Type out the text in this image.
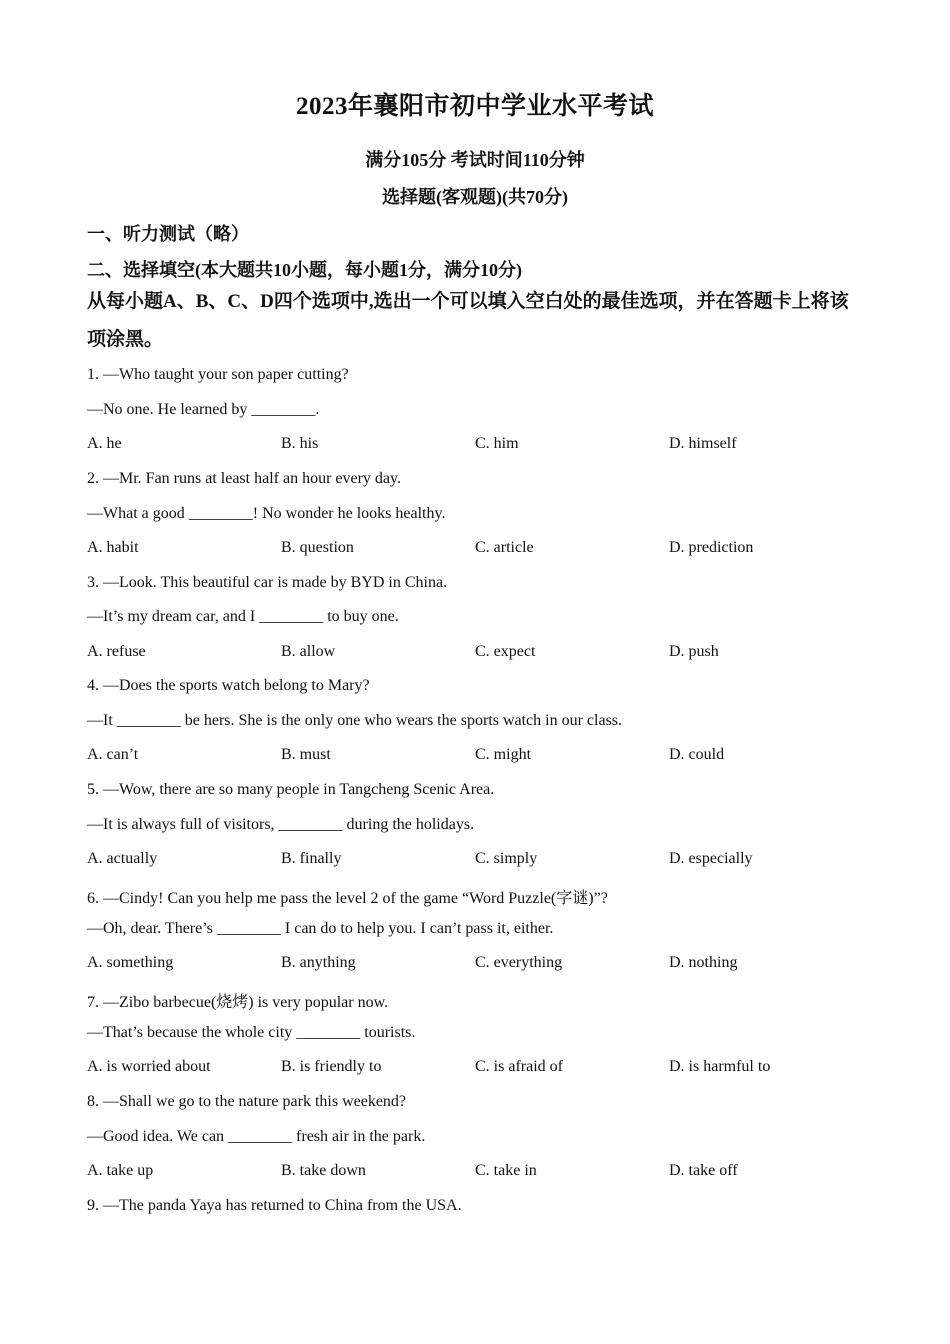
2023年襄阳市初中学业水平考试
满分105分 考试时间110分钟
选择题(客观题)(共70分)
一、听力测试（略）
二、选择填空(本大题共10小题，每小题1分，满分10分)
从每小题A、B、C、D四个选项中,选出一个可以填入空白处的最佳选项，并在答题卡上将该
项涂黑。
1. —Who taught your son paper cutting?
—No one. He learned by ________.
A. he	B. his	C. him	D. himself
2. —Mr. Fan runs at least half an hour every day.
—What a good ________! No wonder he looks healthy.
A. habit	B. question	C. article	D. prediction
3. —Look. This beautiful car is made by BYD in China.
—It’s my dream car, and I ________ to buy one.
A. refuse	B. allow	C. expect	D. push
4. —Does the sports watch belong to Mary?
—It ________ be hers. She is the only one who wears the sports watch in our class.
A. can’t	B. must	C. might	D. could
5. —Wow, there are so many people in Tangcheng Scenic Area.
—It is always full of visitors, ________ during the holidays.
A. actually	B. finally	C. simply	D. especially
6. —Cindy! Can you help me pass the level 2 of the game “Word Puzzle(字谜)”?
—Oh, dear. There’s ________ I can do to help you. I can’t pass it, either.
A. something	B. anything	C. everything	D. nothing
7. —Zibo barbecue(烧烤) is very popular now.
—That’s because the whole city ________ tourists.
A. is worried about	B. is friendly to	C. is afraid of	D. is harmful to
8. —Shall we go to the nature park this weekend?
—Good idea. We can ________ fresh air in the park.
A. take up	B. take down	C. take in	D. take off
9. —The panda Yaya has returned to China from the USA.
